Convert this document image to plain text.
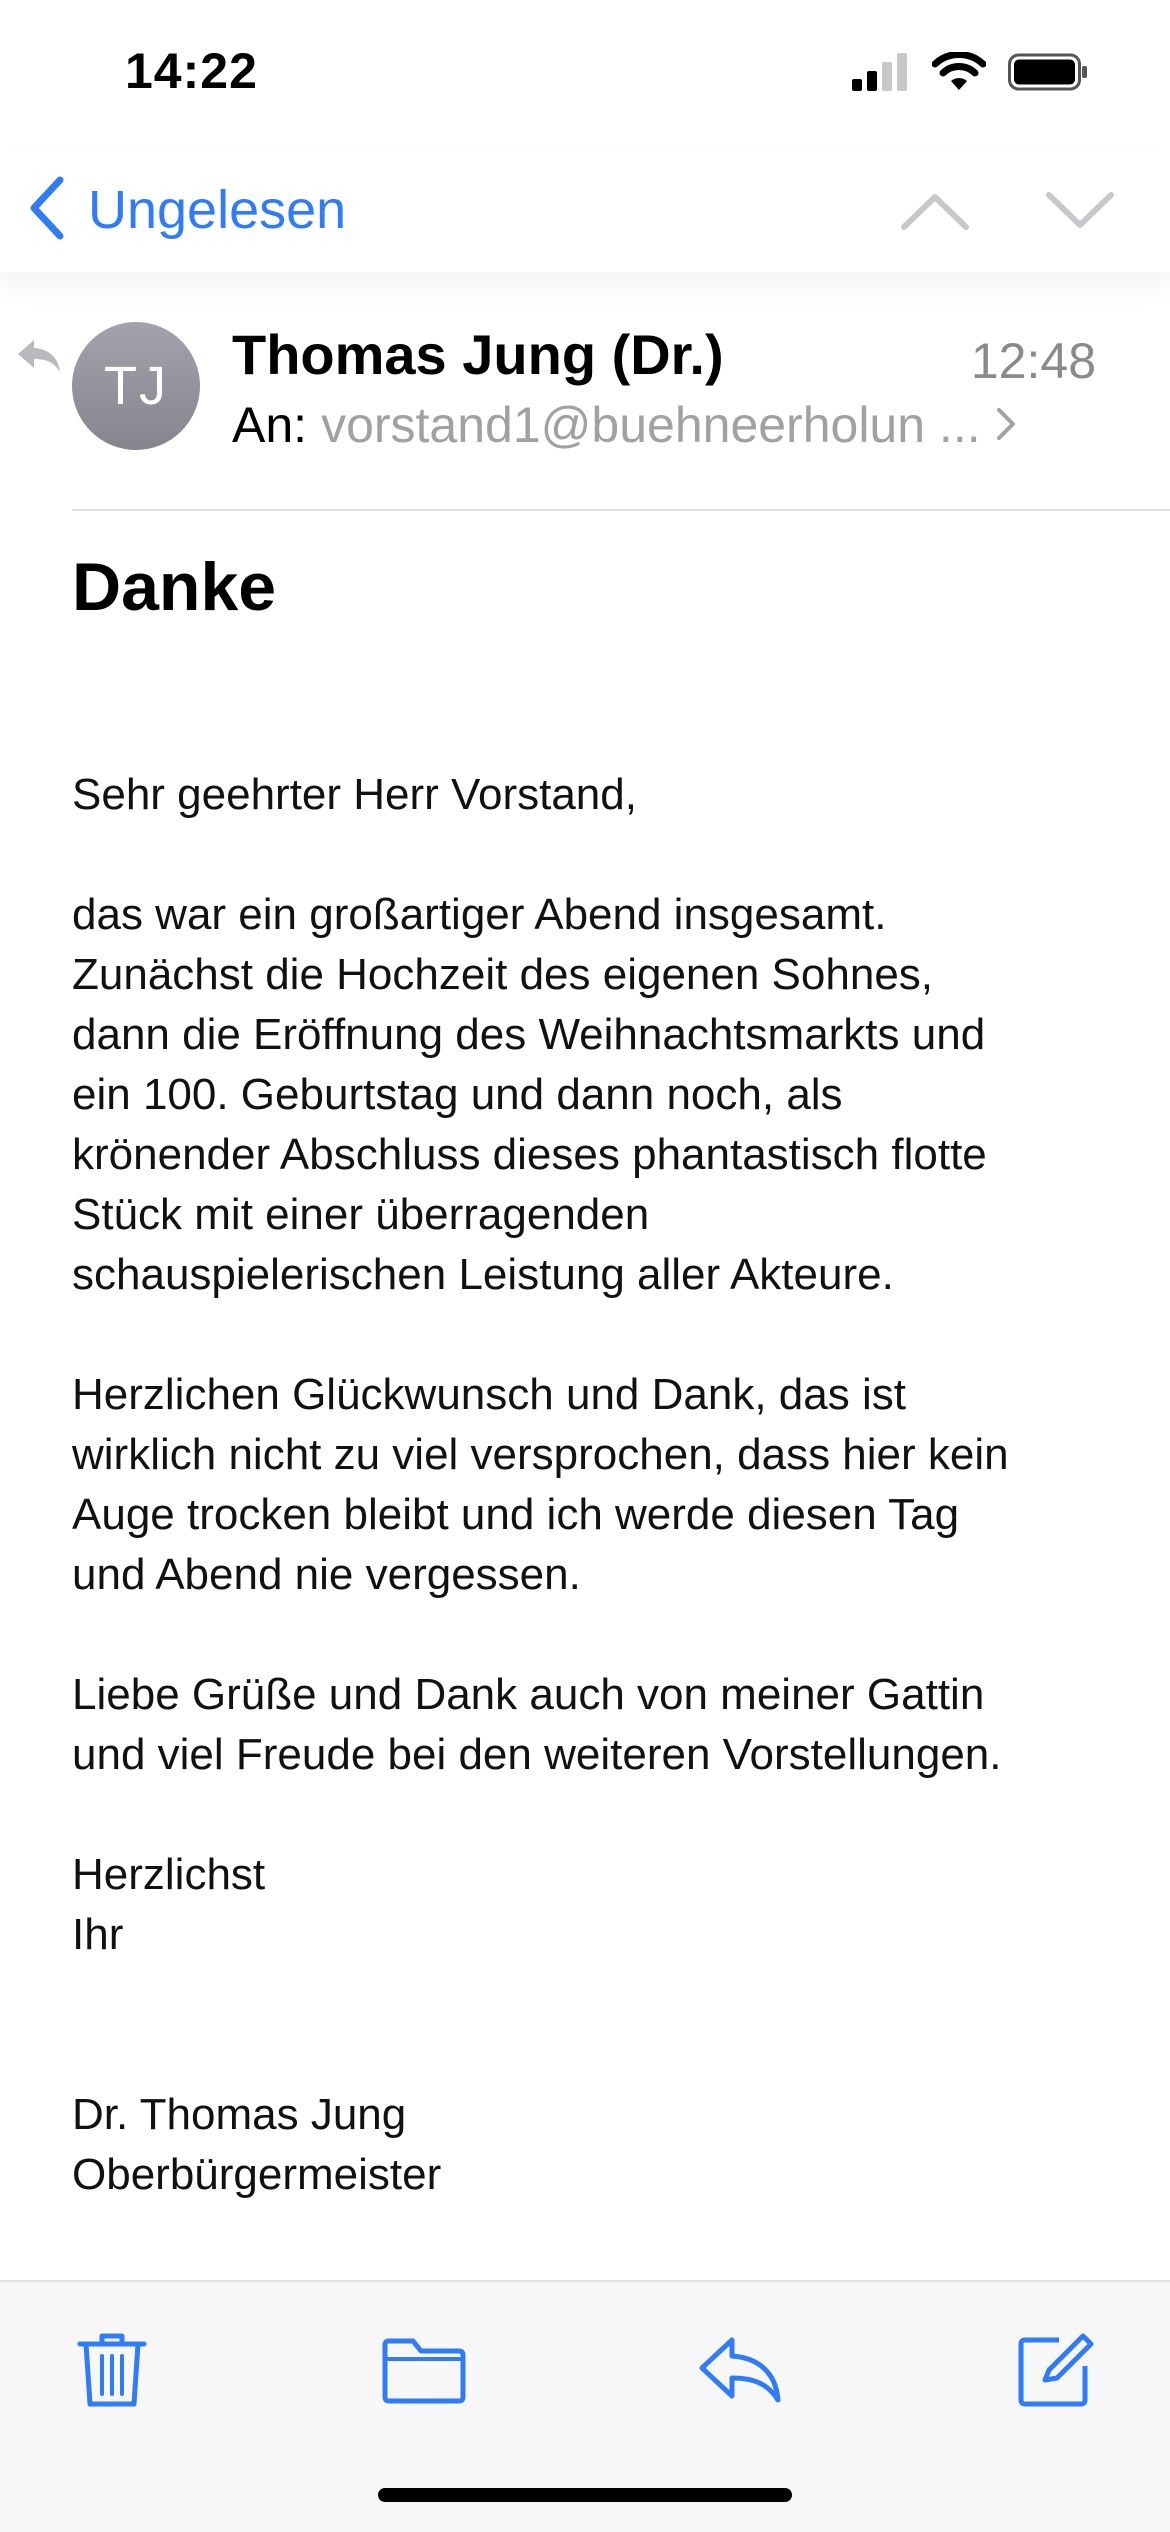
14:22
Ungelesen
TJ Thomas Jung (Dr.)	12:48
An: vorstand1@buehneerholun ...
Danke

Sehr geehrter Herr Vorstand,

das war ein großartiger Abend insgesamt.
Zunächst die Hochzeit des eigenen Sohnes,
dann die Eröffnung des Weihnachtsmarkts und
ein 100. Geburtstag und dann noch, als
krönender Abschluss dieses phantastisch flotte
Stück mit einer überragenden
schauspielerischen Leistung aller Akteure.

Herzlichen Glückwunsch und Dank, das ist
wirklich nicht zu viel versprochen, dass hier kein
Auge trocken bleibt und ich werde diesen Tag
und Abend nie vergessen.

Liebe Grüße und Dank auch von meiner Gattin
und viel Freude bei den weiteren Vorstellungen.

Herzlichst
Ihr

Dr. Thomas Jung
Oberbürgermeister
